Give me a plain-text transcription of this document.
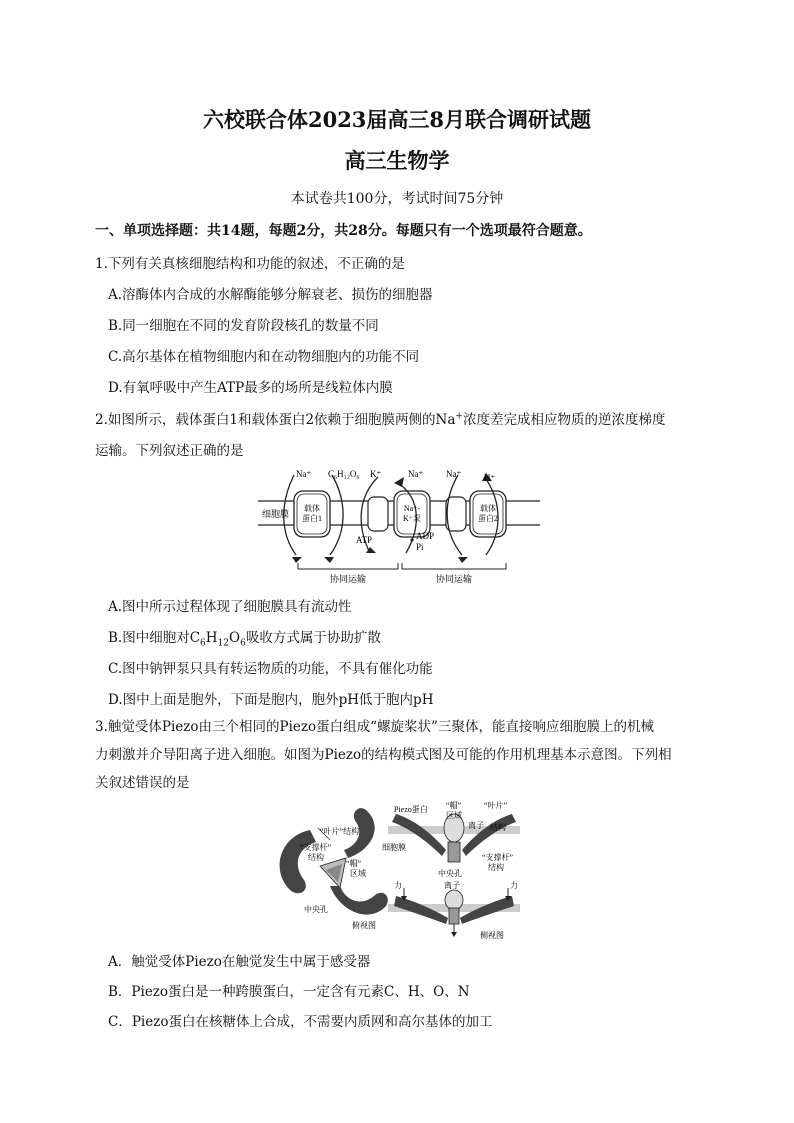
六校联合体2023届高三8月联合调研试题
高三生物学
本试卷共100分，考试时间75分钟
一、单项选择题：共14题，每题2分，共28分。每题只有一个选项最符合题意。
1.下列有关真核细胞结构和功能的叙述，不正确的是
A.溶酶体内合成的水解酶能够分解衰老、损伤的细胞器
B.同一细胞在不同的发育阶段核孔的数量不同
C.高尔基体在植物细胞内和在动物细胞内的功能不同
D.有氧呼吸中产生ATP最多的场所是线粒体内膜
2.如图所示，载体蛋白1和载体蛋白2依赖于细胞膜两侧的Na+浓度差完成相应物质的逆浓度梯度
运输。下列叙述正确的是
Na⁺ C₆H₁₂O₆ K⁺	Na⁺	Na⁺	H⁺
细胞膜
载体
蛋白1
Na⁺-
K⁺泵
载体
蛋白2
ATP	ADP
Pi
协同运输	协同运输
A.图中所示过程体现了细胞膜具有流动性
B.图中细胞对$C_6H_{12}O_6$吸收方式属于协助扩散
C.图中钠钾泵只具有转运物质的功能，不具有催化功能
D.图中上面是胞外，下面是胞内，胞外pH低于胞内pH
3.触觉受体Piezo由三个相同的Piezo蛋白组成“螺旋桨状”三聚体，能直接响应细胞膜上的机械
力刺激并介导阳离子进入细胞。如图为Piezo的结构模式图及可能的作用机理基本示意图。下列相
关叙述错误的是
“叶片”结构
“支撑杆”
结构
“帽”
区域
中央孔
俯视图
Piezo蛋白 “帽”
区域
“叶片”
离子 结构
细胞膜
“支撑杆”
结构
中央孔
力	力
离子
侧视图
A．触觉受体Piezo在触觉发生中属于感受器
B．Piezo蛋白是一种跨膜蛋白，一定含有元素C、H、O、N
C．Piezo蛋白在核糖体上合成，不需要内质网和高尔基体的加工
